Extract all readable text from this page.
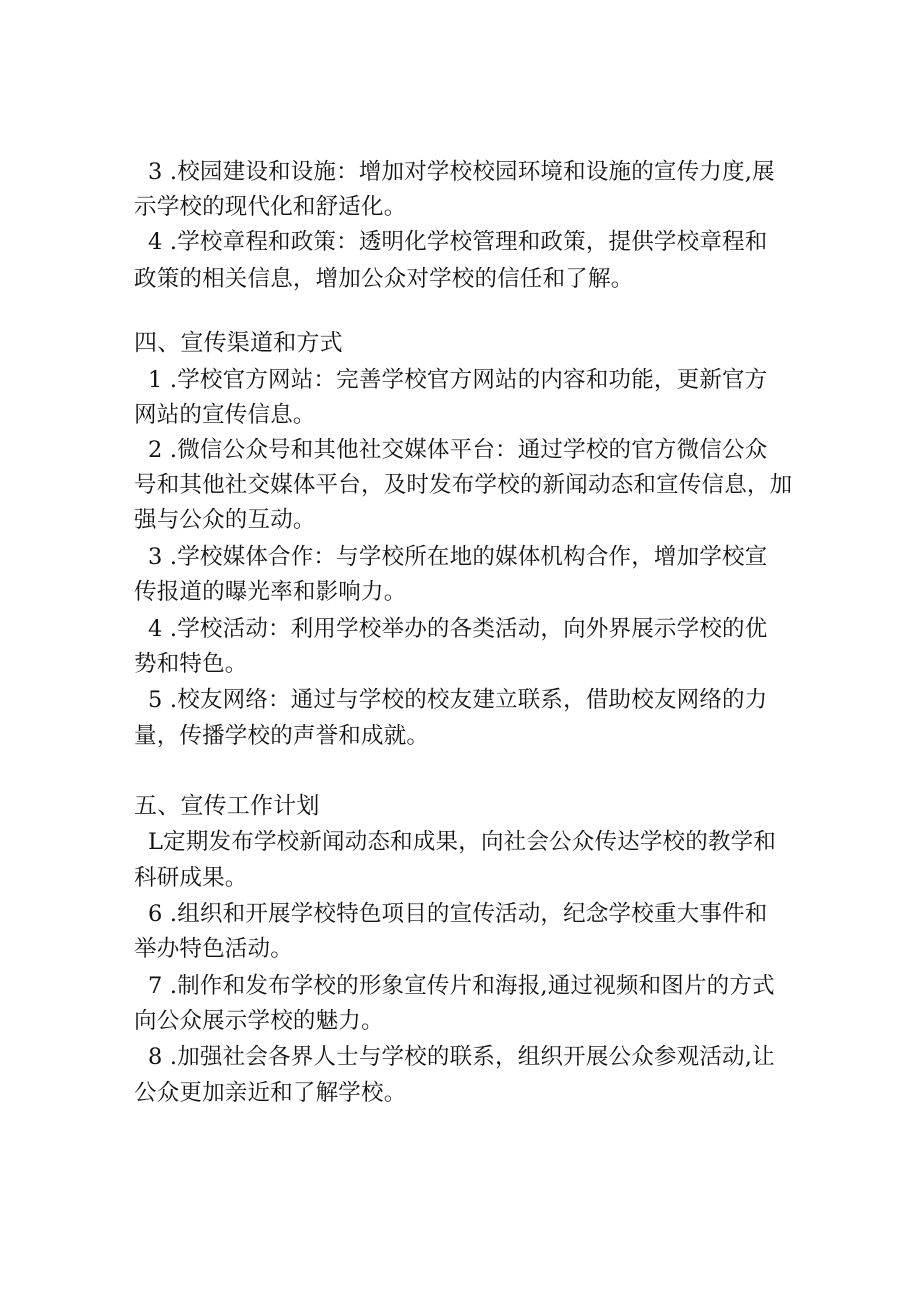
3 .校园建设和设施：增加对学校校园环境和设施的宣传力度,展
示学校的现代化和舒适化。
4 .学校章程和政策：透明化学校管理和政策，提供学校章程和
政策的相关信息，增加公众对学校的信任和了解。
四、宣传渠道和方式
1 .学校官方网站：完善学校官方网站的内容和功能，更新官方
网站的宣传信息。
2 .微信公众号和其他社交媒体平台：通过学校的官方微信公众
号和其他社交媒体平台，及时发布学校的新闻动态和宣传信息，加
强与公众的互动。
3 .学校媒体合作：与学校所在地的媒体机构合作，增加学校宣
传报道的曝光率和影响力。
4 .学校活动：利用学校举办的各类活动，向外界展示学校的优
势和特色。
5 .校友网络：通过与学校的校友建立联系，借助校友网络的力
量，传播学校的声誉和成就。
五、宣传工作计划
L定期发布学校新闻动态和成果，向社会公众传达学校的教学和
科研成果。
6 .组织和开展学校特色项目的宣传活动，纪念学校重大事件和
举办特色活动。
7 .制作和发布学校的形象宣传片和海报,通过视频和图片的方式
向公众展示学校的魅力。
8 .加强社会各界人士与学校的联系，组织开展公众参观活动,让
公众更加亲近和了解学校。
